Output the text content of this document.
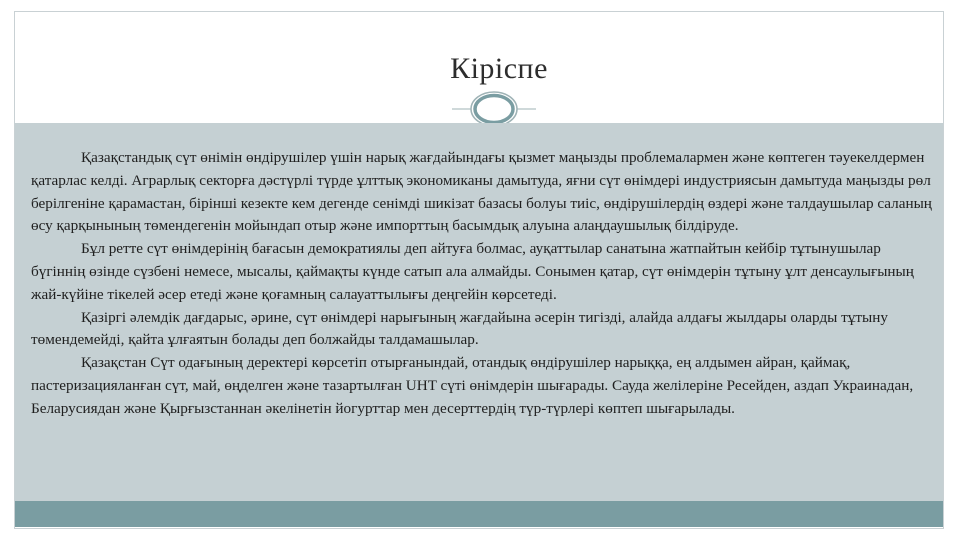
Кіріспе

Қазақстандық сүт өнімін өндірушілер үшін нарық жағдайындағы қызмет маңызды проблемалармен және көптеген тәуекелдермен қатарлас келді. Аграрлық секторға дәстүрлі түрде ұлттық экономиканы дамытуда, яғни сүт өнімдері индустриясын дамытуда маңызды рөл берілгеніне қарамастан, бірінші кезекте кем дегенде сенімді шикізат базасы болуы тиіс, өндірушілердің өздері және талдаушылар саланың өсу қарқынының төмендегенін мойындап отыр және импорттың басымдық алуына алаңдаушылық білдіруде.

Бұл ретте сүт өнімдерінің бағасын демократиялы деп айтуға болмас, ауқаттылар санатына жатпайтын кейбір тұтынушылар бүгіннің өзінде сүзбені немесе, мысалы, қаймақты күнде сатып ала алмайды. Сонымен қатар, сүт өнімдерін тұтыну ұлт денсаулығының жай-күйіне тікелей әсер етеді және қоғамның салауаттылығы деңгейін көрсетеді.

Қазіргі әлемдік дағдарыс, әрине, сүт өнімдері нарығының жағдайына әсерін тигізді, алайда алдағы жылдары оларды тұтыну төмендемейді, қайта ұлғаятын болады деп болжайды талдамашылар.

Қазақстан Сүт одағының деректері көрсетіп отырғанындай, отандық өндірушілер нарыққа, ең алдымен айран, қаймақ, пастеризацияланған сүт, май, өңделген және тазартылған UHT сүті өнімдерін шығарады. Сауда желілеріне Ресейден, аздап Украинадан, Беларусиядан және Қырғызстаннан әкелінетін йогурттар мен десерттердің түр-түрлері көптеп шығарылады.
